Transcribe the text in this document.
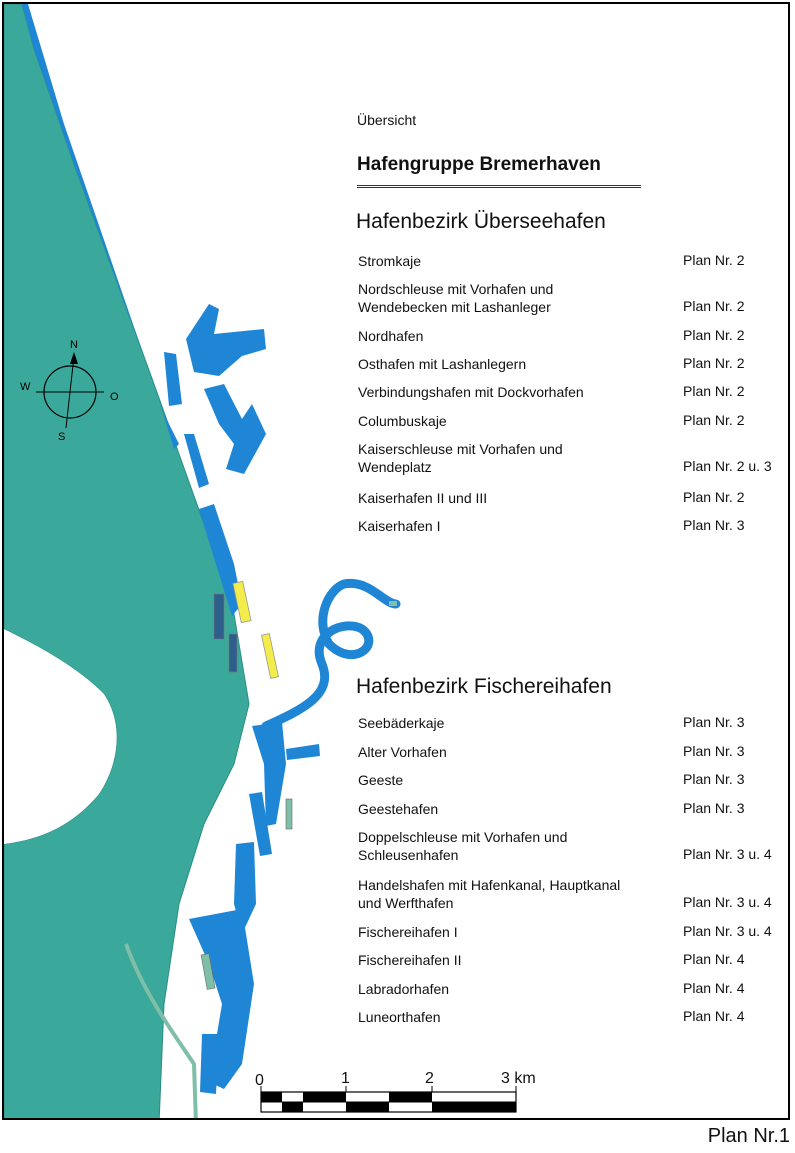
N
S
W
O
0	1	2	3 km
Übersicht
Hafengruppe Bremerhaven
Hafenbezirk Überseehafen
Stromkaje	Plan Nr. 2
Nordschleuse mit Vorhafen und
Wendebecken mit Lashanleger	Plan Nr. 2
Nordhafen	Plan Nr. 2
Osthafen mit Lashanlegern	Plan Nr. 2
Verbindungshafen mit Dockvorhafen	Plan Nr. 2
Columbuskaje	Plan Nr. 2
Kaiserschleuse mit Vorhafen und
Wendeplatz	Plan Nr. 2 u. 3
Kaiserhafen II und III	Plan Nr. 2
Kaiserhafen I	Plan Nr. 3
Hafenbezirk Fischereihafen
Seebäderkaje	Plan Nr. 3
Alter Vorhafen	Plan Nr. 3
Geeste	Plan Nr. 3
Geestehafen	Plan Nr. 3
Doppelschleuse mit Vorhafen und
Schleusenhafen	Plan Nr. 3 u. 4
Handelshafen mit Hafenkanal, Hauptkanal
und Werfthafen	Plan Nr. 3 u. 4
Fischereihafen I	Plan Nr. 3 u. 4
Fischereihafen II	Plan Nr. 4
Labradorhafen	Plan Nr. 4
Luneorthafen	Plan Nr. 4
Plan Nr.1
